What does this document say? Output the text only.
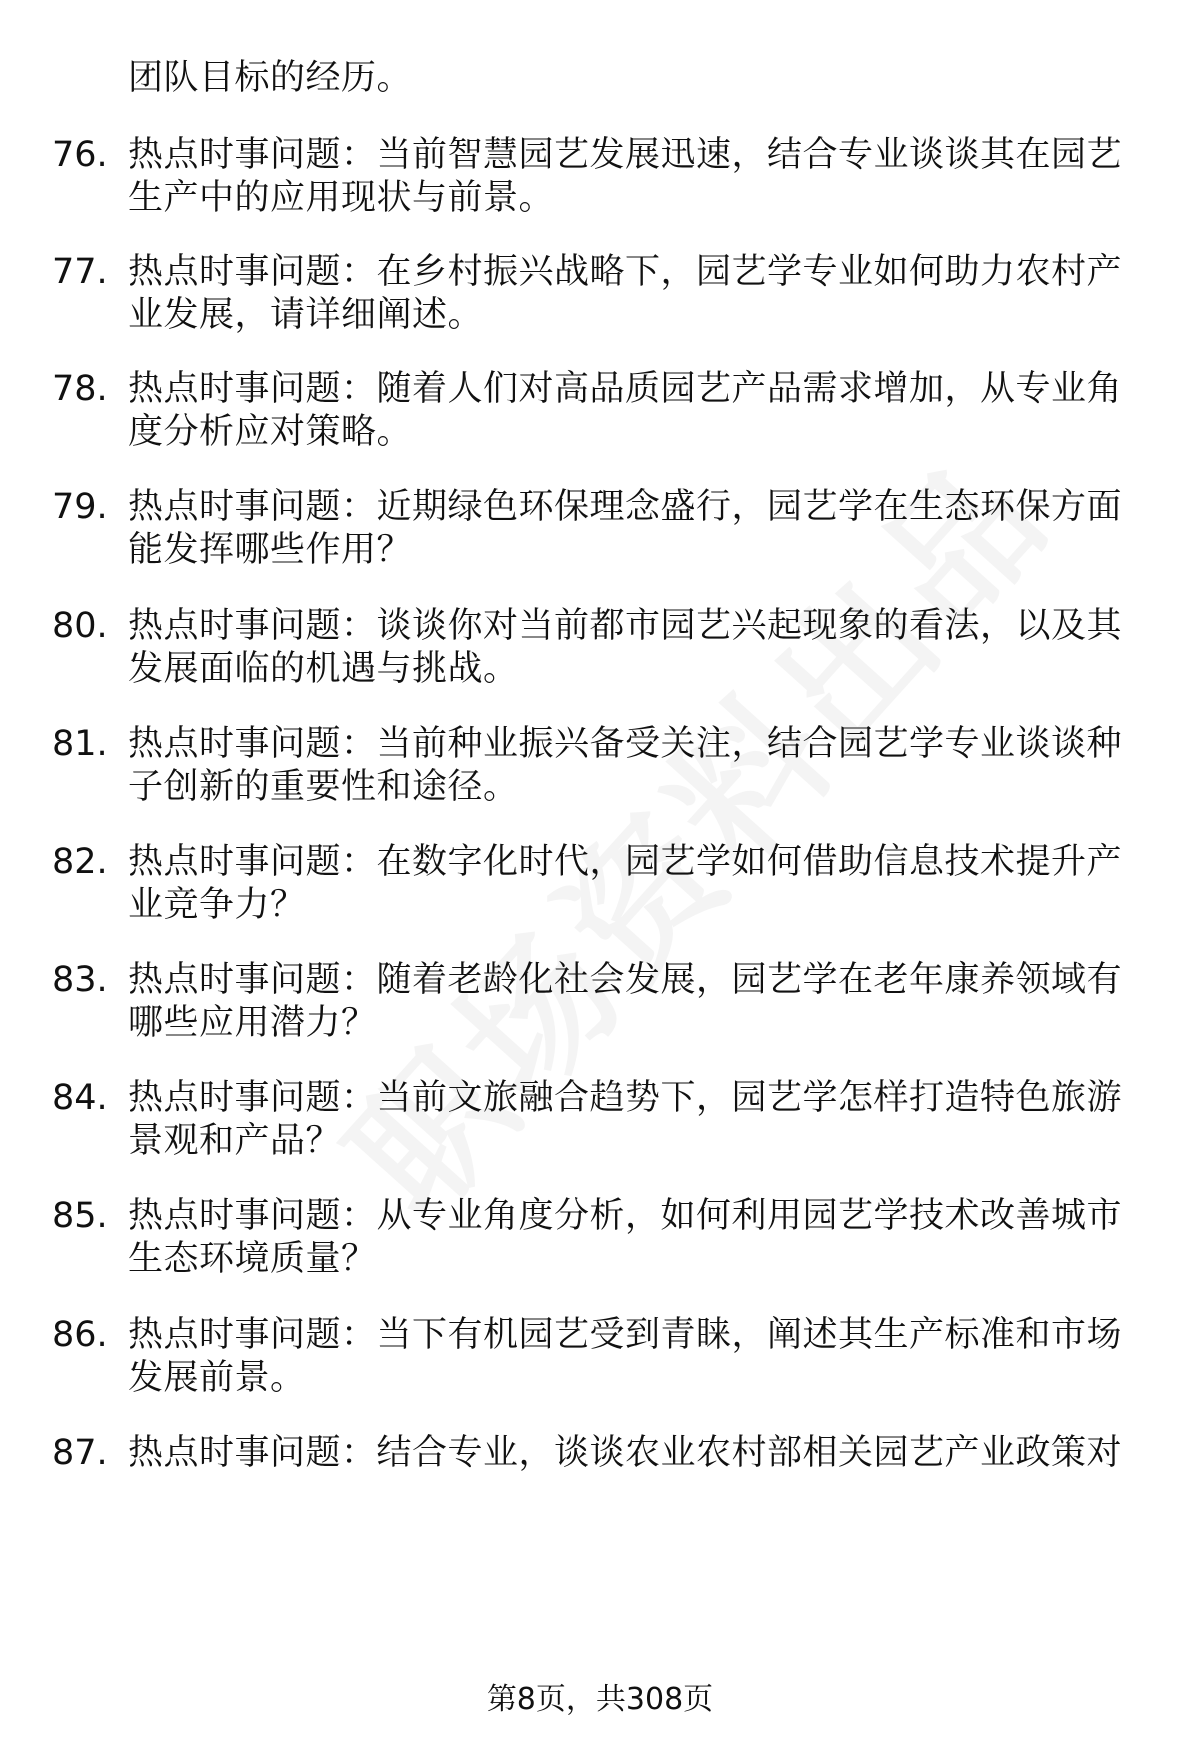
团队目标的经历。
76. 热点时事问题：当前智慧园艺发展迅速，结合专业谈谈其在园艺
生产中的应用现状与前景。
77. 热点时事问题：在乡村振兴战略下，园艺学专业如何助力农村产
业发展，请详细阐述。
78. 热点时事问题：随着人们对高品质园艺产品需求增加，从专业角
度分析应对策略。
79. 热点时事问题：近期绿色环保理念盛行，园艺学在生态环保方面
能发挥哪些作用？
80. 热点时事问题：谈谈你对当前都市园艺兴起现象的看法，以及其
发展面临的机遇与挑战。
81. 热点时事问题：当前种业振兴备受关注，结合园艺学专业谈谈种
子创新的重要性和途径。
82. 热点时事问题：在数字化时代，园艺学如何借助信息技术提升产
业竞争力？
83. 热点时事问题：随着老龄化社会发展，园艺学在老年康养领域有
哪些应用潜力？
84. 热点时事问题：当前文旅融合趋势下，园艺学怎样打造特色旅游
景观和产品？
85. 热点时事问题：从专业角度分析，如何利用园艺学技术改善城市
生态环境质量？
86. 热点时事问题：当下有机园艺受到青睐，阐述其生产标准和市场
发展前景。
87. 热点时事问题：结合专业，谈谈农业农村部相关园艺产业政策对
第8页，共308页
